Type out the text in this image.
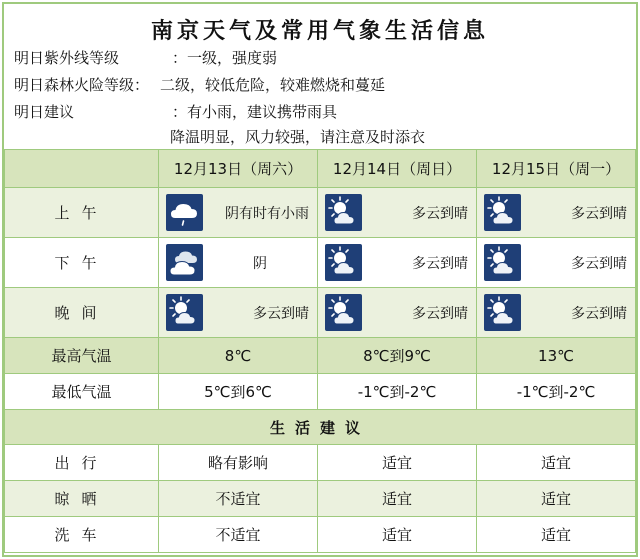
南京天气及常用气象生活信息
明日紫外线等级	：一级，强度弱
明日森林火险等级： 二级，较低危险，较难燃烧和蔓延
明日建议	：有小雨，建议携带雨具
降温明显，风力较强，请注意及时添衣
	12月13日（周六）	12月14日（周日）	12月15日（周一）
上午	阴有时有小雨	多云到晴	多云到晴

下午	阴	多云到晴	多云到晴

晚间	多云到晴	多云到晴	多云到晴

最高气温	8℃	8℃到9℃	13℃
最低气温	5℃到6℃	-1℃到-2℃	-1℃到-2℃
生活建议			
出行	略有影响	适宜	适宜
晾晒	不适宜	适宜	适宜
洗车	不适宜	适宜	适宜
